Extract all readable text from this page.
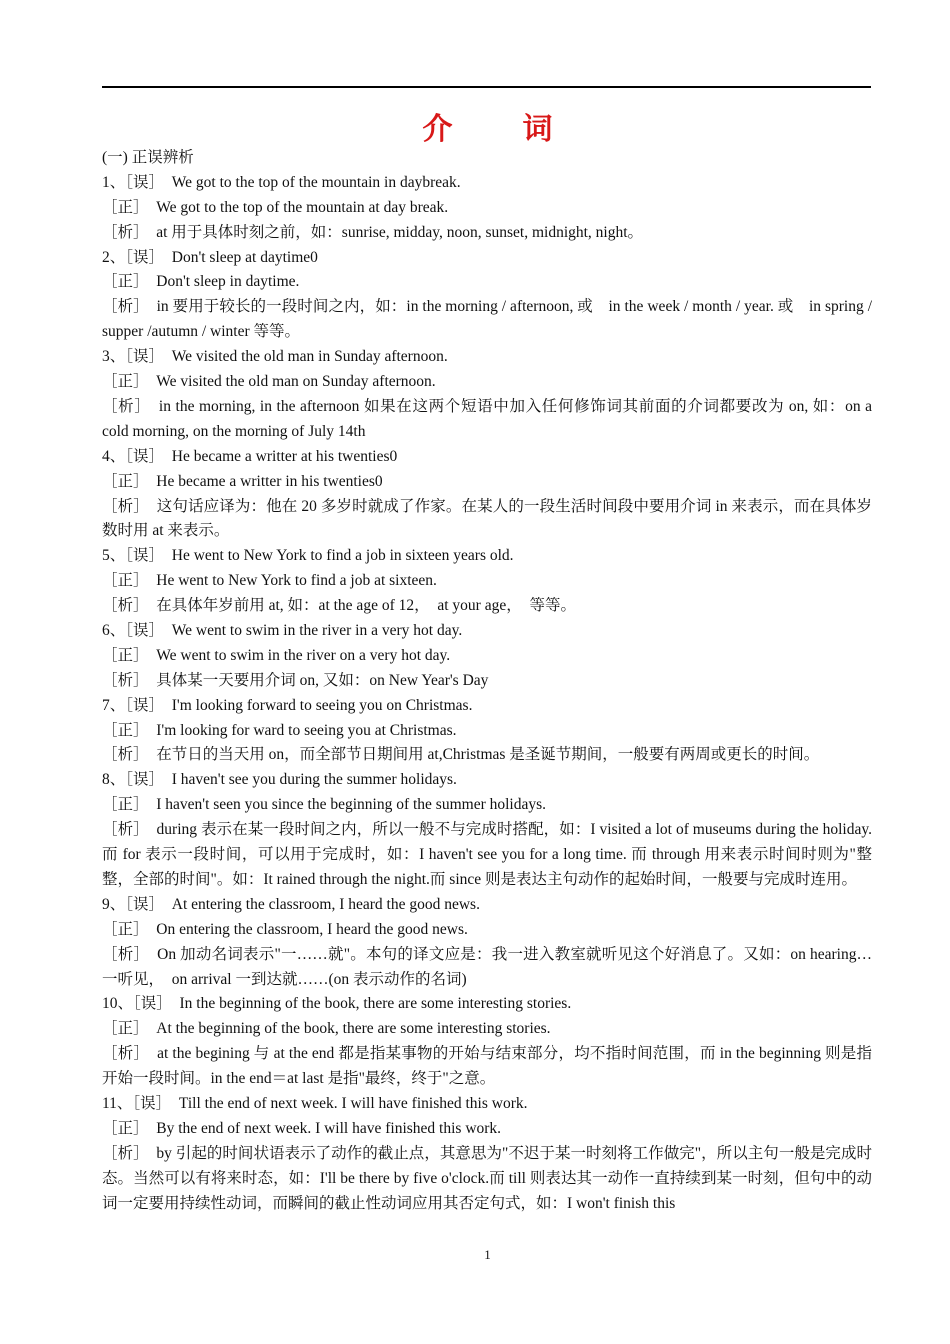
介 词
(一) 正误辨析
1、［误］　We got to the top of the mountain in daybreak.
［正］　We got to the top of the mountain at day break.
［析］　at 用于具体时刻之前，如：sunrise, midday, noon, sunset, midnight, night。
2、［误］　Don't sleep at daytime0
［正］　Don't sleep in daytime.
［析］　in 要用于较长的一段时间之内，如：in the morning / afternoon, 或　in the week / month / year. 或　in spring / supper /autumn / winter 等等。
3、［误］　We visited the old man in Sunday afternoon.
［正］　We visited the old man on Sunday afternoon.
［析］　in the morning, in the afternoon 如果在这两个短语中加入任何修饰词其前面的介词都要改为 on, 如：on a cold morning, on the morning of July 14th
4、［误］　He became a writter at his twenties0
［正］　He became a writter in his twenties0
［析］　这句话应译为：他在 20 多岁时就成了作家。在某人的一段生活时间段中要用介词 in 来表示，而在具体岁数时用 at 来表示。
5、［误］　He went to New York to find a job in sixteen years old.
［正］　He went to New York to find a job at sixteen.
［析］　在具体年岁前用 at, 如：at the age of 12，　at your age，　等等。
6、［误］　We went to swim in the river in a very hot day.
［正］　We went to swim in the river on a very hot day.
［析］　具体某一天要用介词 on, 又如：on New Year's Day
7、［误］　I'm looking forward to seeing you on Christmas.
［正］　I'm looking for ward to seeing you at Christmas.
［析］　在节日的当天用 on，而全部节日期间用 at,Christmas 是圣诞节期间，一般要有两周或更长的时间。
8、［误］　I haven't see you during the summer holidays.
［正］　I haven't seen you since the beginning of the summer holidays.
［析］　during 表示在某一段时间之内，所以一般不与完成时搭配，如：I visited a lot of museums during the holiday. 而 for 表示一段时间，可以用于完成时，如：I haven't see you for a long time. 而 through 用来表示时间时则为"整整，全部的时间"。如：It rained through the night.而 since 则是表达主句动作的起始时间，一般要与完成时连用。
9、［误］　At entering the classroom, I heard the good news.
［正］　On entering the classroom, I heard the good news.
［析］　On 加动名词表示"一……就"。本句的译文应是：我一进入教室就听见这个好消息了。又如：on hearing… 一听见，　on arrival 一到达就……(on 表示动作的名词)
10、［误］　In the beginning of the book, there are some interesting stories.
［正］　At the beginning of the book, there are some interesting stories.
［析］　at the begining 与 at the end 都是指某事物的开始与结束部分，均不指时间范围，而 in the beginning 则是指开始一段时间。in the end＝at last 是指"最终，终于"之意。
11、［误］　Till the end of next week. I will have finished this work.
［正］　By the end of next week. I will have finished this work.
［析］　by 引起的时间状语表示了动作的截止点，其意思为"不迟于某一时刻将工作做完"，所以主句一般是完成时态。当然可以有将来时态，如：I'll be there by five o'clock.而 till 则表达其一动作一直持续到某一时刻，但句中的动词一定要用持续性动词，而瞬间的截止性动词应用其否定句式，如：I won't finish this
1
